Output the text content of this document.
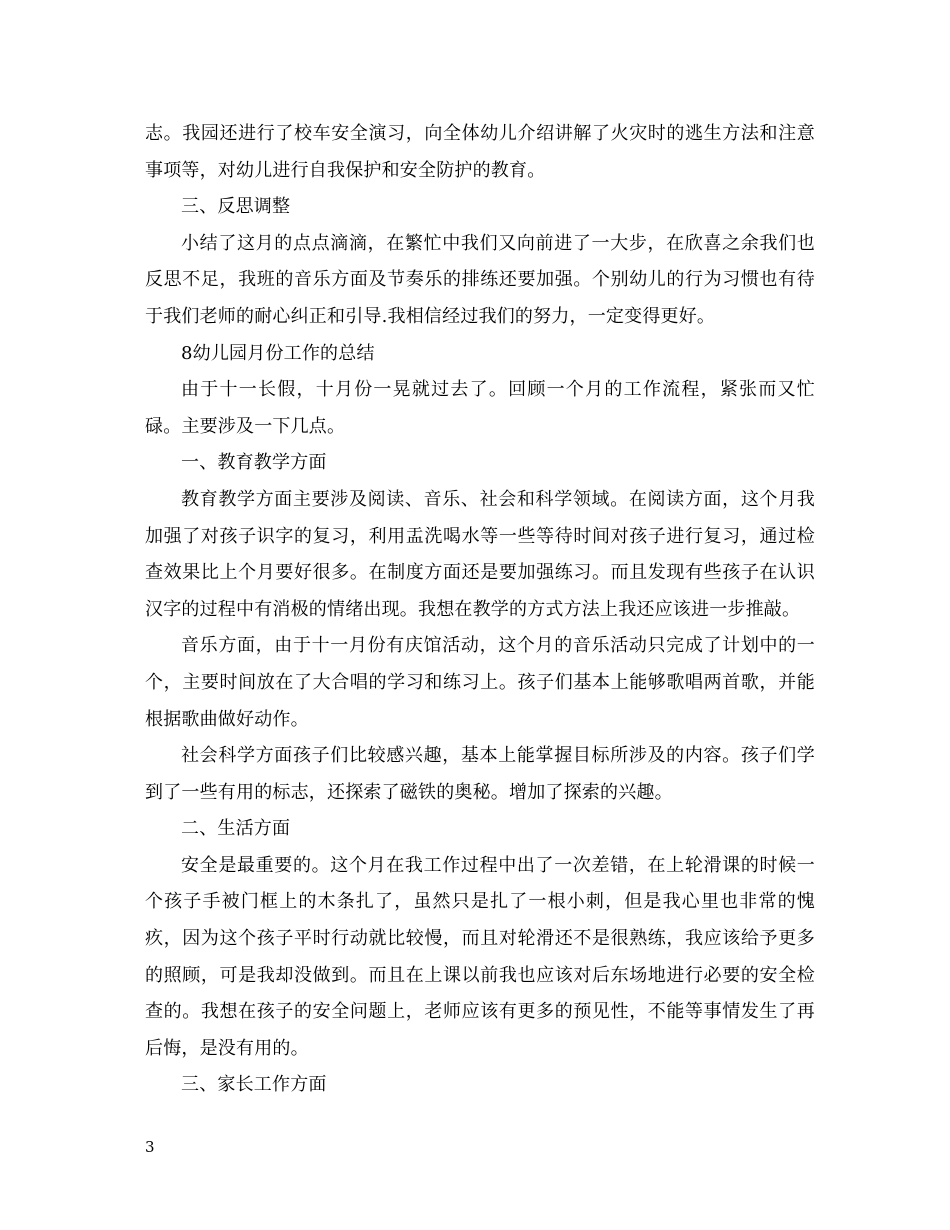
志。我园还进行了校车安全演习，向全体幼儿介绍讲解了火灾时的逃生方法和注意事项等，对幼儿进行自我保护和安全防护的教育。

三、反思调整

小结了这月的点点滴滴，在繁忙中我们又向前进了一大步，在欣喜之余我们也反思不足，我班的音乐方面及节奏乐的排练还要加强。个别幼儿的行为习惯也有待于我们老师的耐心纠正和引导.我相信经过我们的努力，一定变得更好。

8幼儿园月份工作的总结

由于十一长假，十月份一晃就过去了。回顾一个月的工作流程，紧张而又忙碌。主要涉及一下几点。

一、教育教学方面

教育教学方面主要涉及阅读、音乐、社会和科学领域。在阅读方面，这个月我加强了对孩子识字的复习，利用盂洗喝水等一些等待时间对孩子进行复习，通过检查效果比上个月要好很多。在制度方面还是要加强练习。而且发现有些孩子在认识汉字的过程中有消极的情绪出现。我想在教学的方式方法上我还应该进一步推敲。

音乐方面，由于十一月份有庆馆活动，这个月的音乐活动只完成了计划中的一个，主要时间放在了大合唱的学习和练习上。孩子们基本上能够歌唱两首歌，并能根据歌曲做好动作。

社会科学方面孩子们比较感兴趣，基本上能掌握目标所涉及的内容。孩子们学到了一些有用的标志，还探索了磁铁的奥秘。增加了探索的兴趣。

二、生活方面

安全是最重要的。这个月在我工作过程中出了一次差错，在上轮滑课的时候一个孩子手被门框上的木条扎了，虽然只是扎了一根小刺，但是我心里也非常的愧疚，因为这个孩子平时行动就比较慢，而且对轮滑还不是很熟练，我应该给予更多的照顾，可是我却没做到。而且在上课以前我也应该对后东场地进行必要的安全检查的。我想在孩子的安全问题上，老师应该有更多的预见性，不能等事情发生了再后悔，是没有用的。

三、家长工作方面

3
